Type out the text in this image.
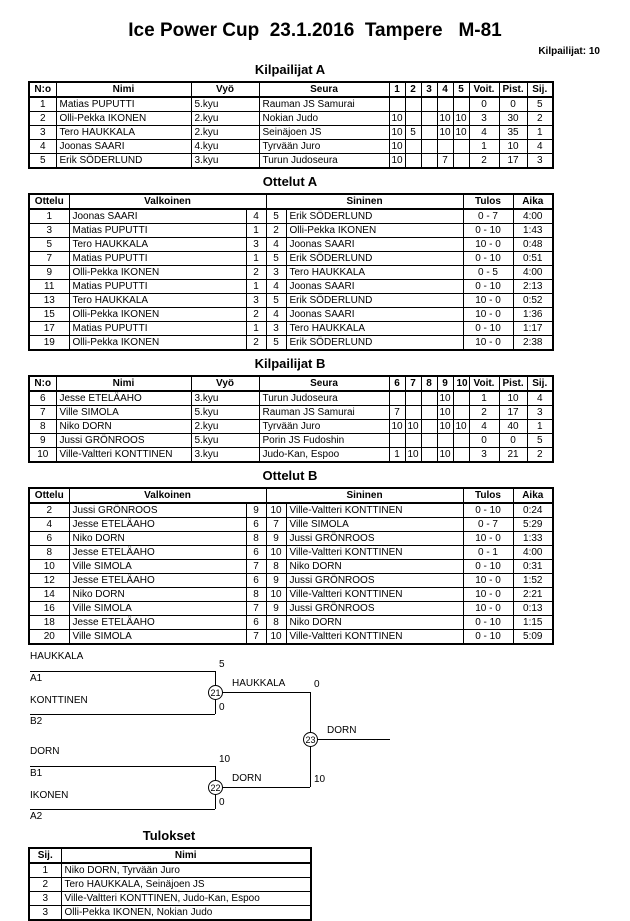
Ice Power Cup  23.1.2016  Tampere   M-81
Kilpailijat: 10
Kilpailijat A
N:o	Nimi	Vyö	Seura	1	2	3	4	5	Voit.	Pist.	Sij.
1	Matias PUPUTTI	5.kyu	Rauman JS Samurai						0	0	5
2	Olli-Pekka IKONEN	2.kyu	Nokian Judo	10			10	10	3	30	2
3	Tero HAUKKALA	2.kyu	Seinäjoen JS	10	5		10	10	4	35	1
4	Joonas SAARI	4.kyu	Tyrvään Juro	10					1	10	4
5	Erik SÖDERLUND	3.kyu	Turun Judoseura	10			7		2	17	3
Ottelut A
Ottelu	Valkoinen		Sininen		Tulos	Aika
1	Joonas SAARI	4	5	Erik SÖDERLUND	0 - 7	4:00
3	Matias PUPUTTI	1	2	Olli-Pekka IKONEN	0 - 10	1:43
5	Tero HAUKKALA	3	4	Joonas SAARI	10 - 0	0:48
7	Matias PUPUTTI	1	5	Erik SÖDERLUND	0 - 10	0:51
9	Olli-Pekka IKONEN	2	3	Tero HAUKKALA	0 - 5	4:00
11	Matias PUPUTTI	1	4	Joonas SAARI	0 - 10	2:13
13	Tero HAUKKALA	3	5	Erik SÖDERLUND	10 - 0	0:52
15	Olli-Pekka IKONEN	2	4	Joonas SAARI	10 - 0	1:36
17	Matias PUPUTTI	1	3	Tero HAUKKALA	0 - 10	1:17
19	Olli-Pekka IKONEN	2	5	Erik SÖDERLUND	10 - 0	2:38
Kilpailijat B
N:o	Nimi	Vyö	Seura	6	7	8	9	10	Voit.	Pist.	Sij.
6	Jesse ETELÄAHO	3.kyu	Turun Judoseura				10		1	10	4
7	Ville SIMOLA	5.kyu	Rauman JS Samurai	7			10		2	17	3
8	Niko DORN	2.kyu	Tyrvään Juro	10	10		10	10	4	40	1
9	Jussi GRÖNROOS	5.kyu	Porin JS Fudoshin						0	0	5
10	Ville-Valtteri KONTTINEN	3.kyu	Judo-Kan, Espoo	1	10		10		3	21	2
Ottelut B
Ottelu	Valkoinen		Sininen		Tulos	Aika
2	Jussi GRÖNROOS	9	10	Ville-Valtteri KONTTINEN	0 - 10	0:24
4	Jesse ETELÄAHO	6	7	Ville SIMOLA	0 - 7	5:29
6	Niko DORN	8	9	Jussi GRÖNROOS	10 - 0	1:33
8	Jesse ETELÄAHO	6	10	Ville-Valtteri KONTTINEN	0 - 1	4:00
10	Ville SIMOLA	7	8	Niko DORN	0 - 10	0:31
12	Jesse ETELÄAHO	6	9	Jussi GRÖNROOS	10 - 0	1:52
14	Niko DORN	8	10	Ville-Valtteri KONTTINEN	10 - 0	2:21
16	Ville SIMOLA	7	9	Jussi GRÖNROOS	10 - 0	0:13
18	Jesse ETELÄAHO	6	8	Niko DORN	0 - 10	1:15
20	Ville SIMOLA	7	10	Ville-Valtteri KONTTINEN	0 - 10	5:09
HAUKKALA
A1
5
KONTTINEN
B2
0
21
HAUKKALA	0
DORN
B1
10
IKONEN
A2
0
22
DORN	10
23
DORN
Tulokset
Sij.	Nimi
1	Niko DORN, Tyrvään Juro
2	Tero HAUKKALA, Seinäjoen JS
3	Ville-Valtteri KONTTINEN, Judo-Kan, Espoo
3	Olli-Pekka IKONEN, Nokian Judo
